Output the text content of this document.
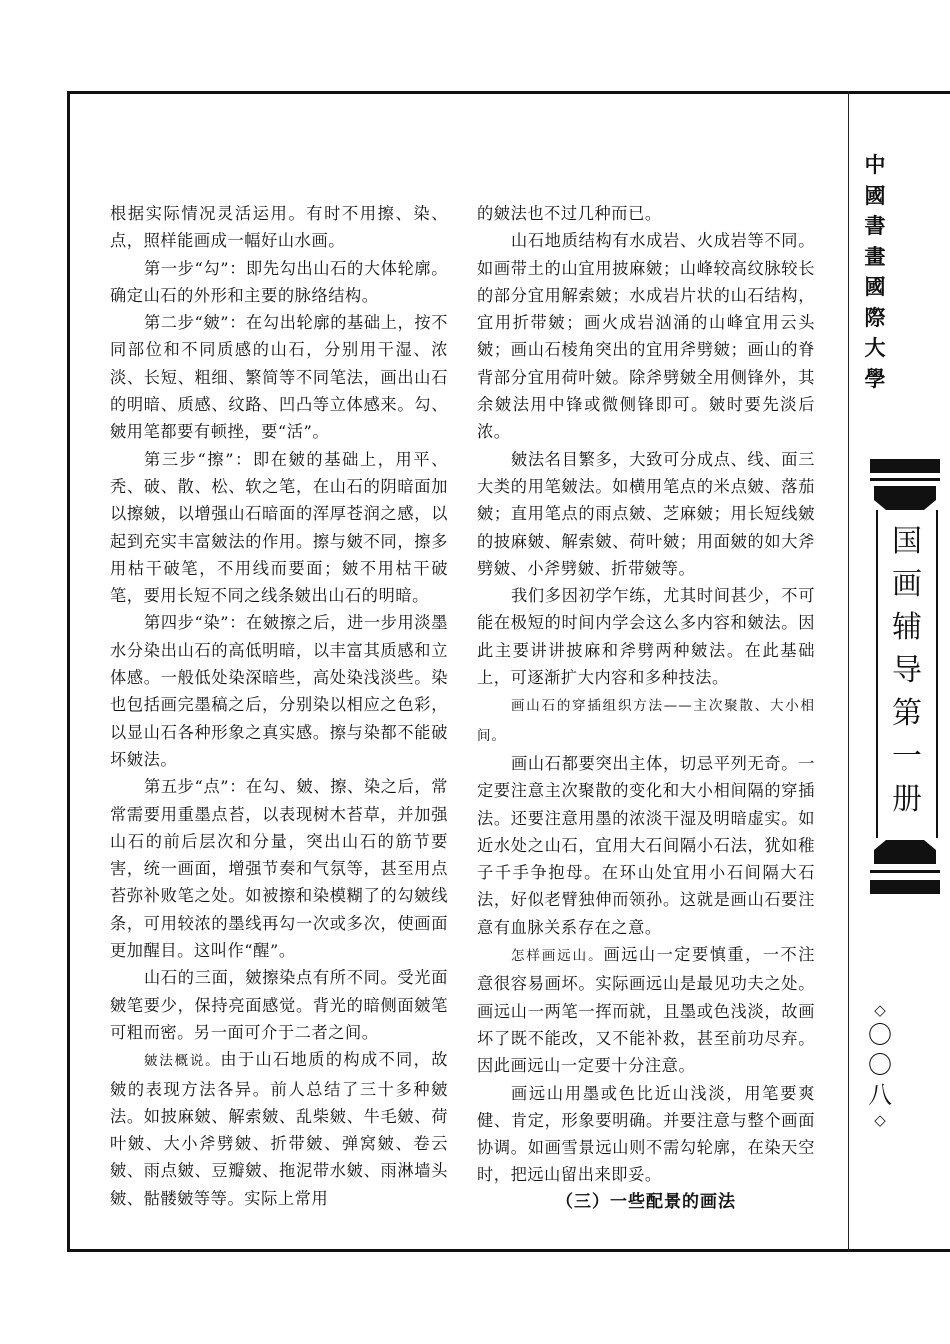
根据实际情况灵活运用。有时不用擦、染、点，照样能画成一幅好山水画。

第一步“勾”：即先勾出山石的大体轮廓。确定山石的外形和主要的脉络结构。

第二步“皴”：在勾出轮廓的基础上，按不同部位和不同质感的山石，分别用干湿、浓淡、长短、粗细、繁简等不同笔法，画出山石的明暗、质感、纹路、凹凸等立体感来。勾、皴用笔都要有顿挫，要“活”。

第三步“擦”：即在皴的基础上，用平、秃、破、散、松、软之笔，在山石的阴暗面加以擦皴，以增强山石暗面的浑厚苍润之感，以起到充实丰富皴法的作用。擦与皴不同，擦多用枯干破笔，不用线而要面；皴不用枯干破笔，要用长短不同之线条皴出山石的明暗。

第四步“染”：在皴擦之后，进一步用淡墨水分染出山石的高低明暗，以丰富其质感和立体感。一般低处染深暗些，高处染浅淡些。染也包括画完墨稿之后，分别染以相应之色彩，以显山石各种形象之真实感。擦与染都不能破坏皴法。

第五步“点”：在勾、皴、擦、染之后，常常需要用重墨点苔，以表现树木苔草，并加强山石的前后层次和分量，突出山石的筋节要害，统一画面，增强节奏和气氛等，甚至用点苔弥补败笔之处。如被擦和染模糊了的勾皴线条，可用较浓的墨线再勾一次或多次，使画面更加醒目。这叫作“醒”。

山石的三面，皴擦染点有所不同。受光面皴笔要少，保持亮面感觉。背光的暗侧面皴笔可粗而密。另一面可介于二者之间。

皴法概说。由于山石地质的构成不同，故皴的表现方法各异。前人总结了三十多种皴法。如披麻皴、解索皴、乱柴皴、牛毛皴、荷叶皴、大小斧劈皴、折带皴、弹窝皴、卷云皴、雨点皴、豆瓣皴、拖泥带水皴、雨淋墙头皴、骷髅皴等等。实际上常用

的皴法也不过几种而已。

山石地质结构有水成岩、火成岩等不同。如画带土的山宜用披麻皴；山峰较高纹脉较长的部分宜用解索皴；水成岩片状的山石结构，宜用折带皴；画火成岩汹涌的山峰宜用云头皴；画山石棱角突出的宜用斧劈皴；画山的脊背部分宜用荷叶皴。除斧劈皴全用侧锋外，其余皴法用中锋或微侧锋即可。皴时要先淡后浓。

皴法名目繁多，大致可分成点、线、面三大类的用笔皴法。如横用笔点的米点皴、落茄皴；直用笔点的雨点皴、芝麻皴；用长短线皴的披麻皴、解索皴、荷叶皴；用面皴的如大斧劈皴、小斧劈皴、折带皴等。

我们多因初学乍练，尤其时间甚少，不可能在极短的时间内学会这么多内容和皴法。因此主要讲讲披麻和斧劈两种皴法。在此基础上，可逐渐扩大内容和多种技法。

画山石的穿插组织方法——主次聚散、大小相间。

画山石都要突出主体，切忌平列无奇。一定要注意主次聚散的变化和大小相间隔的穿插法。还要注意用墨的浓淡干湿及明暗虚实。如近水处之山石，宜用大石间隔小石法，犹如稚子千手争抱母。在环山处宜用小石间隔大石法，好似老臂独伸而领孙。这就是画山石要注意有血脉关系存在之意。

怎样画远山。画远山一定要慎重，一不注意很容易画坏。实际画远山是最见功夫之处。画远山一两笔一挥而就，且墨或色浅淡，故画坏了既不能改，又不能补救，甚至前功尽弃。因此画远山一定要十分注意。

画远山用墨或色比近山浅淡，用笔要爽健、肯定，形象要明确。并要注意与整个画面协调。如画雪景远山则不需勾轮廓，在染天空时，把远山留出来即妥。

（三）一些配景的画法

中
國
書
畫
國
際
大
學
国
画
辅
导
第
一
册
◇
〇
〇
八
◇
